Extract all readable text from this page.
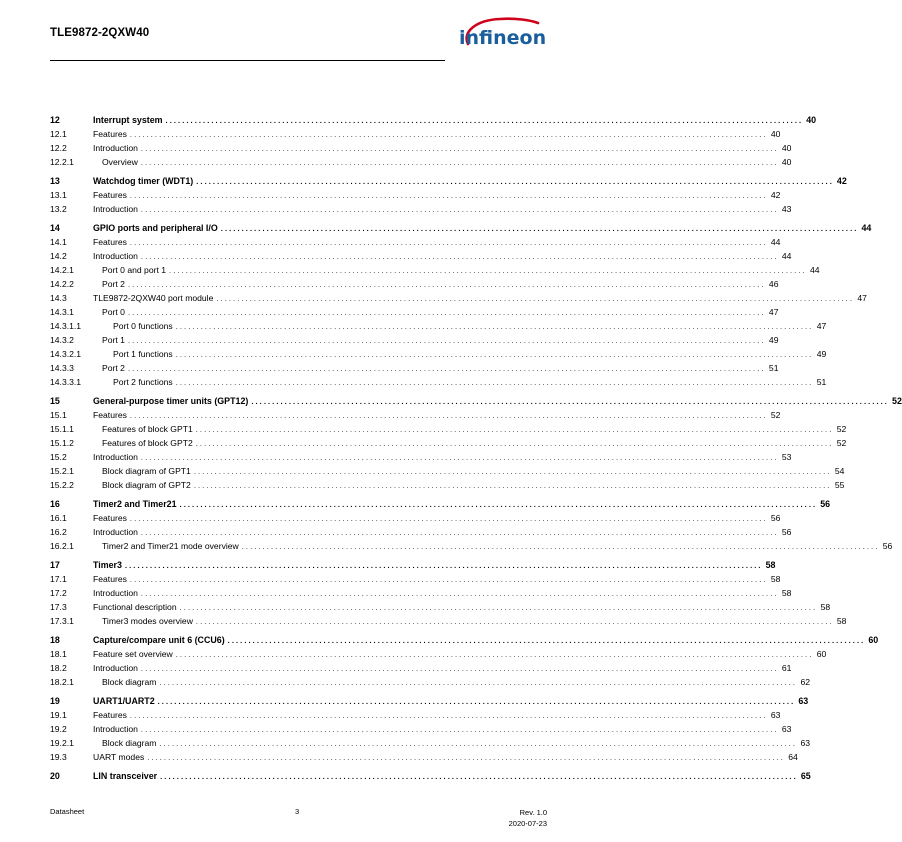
TLE9872-2QXW40	infineon
12	Interrupt system . . .	40
12.1	Features . . .	40
12.2	Introduction . . .	40
12.2.1	Overview . . .	40
13	Watchdog timer (WDT1) . . .	42
13.1	Features . . .	42
13.2	Introduction . . .	43
14	GPIO ports and peripheral I/O . . .	44
14.1	Features . . .	44
14.2	Introduction . . .	44
14.2.1	Port 0 and port 1 . . .	44
14.2.2	Port 2 . . .	46
14.3	TLE9872-2QXW40 port module . . .	47
14.3.1	Port 0 . . .	47
14.3.1.1	Port 0 functions . . .	47
14.3.2	Port 1 . . .	49
14.3.2.1	Port 1 functions . . .	49
14.3.3	Port 2 . . .	51
14.3.3.1	Port 2 functions . . .	51
15	General-purpose timer units (GPT12) . . .	52
15.1	Features . . .	52
15.1.1	Features of block GPT1 . . .	52
15.1.2	Features of block GPT2 . . .	52
15.2	Introduction . . .	53
15.2.1	Block diagram of GPT1 . . .	54
15.2.2	Block diagram of GPT2 . . .	55
16	Timer2 and Timer21 . . .	56
16.1	Features . . .	56
16.2	Introduction . . .	56
16.2.1	Timer2 and Timer21 mode overview . . .	56
17	Timer3 . . .	58
17.1	Features . . .	58
17.2	Introduction . . .	58
17.3	Functional description . . .	58
17.3.1	Timer3 modes overview . . .	58
18	Capture/compare unit 6 (CCU6) . . .	60
18.1	Feature set overview . . .	60
18.2	Introduction . . .	61
18.2.1	Block diagram . . .	62
19	UART1/UART2 . . .	63
19.1	Features . . .	63
19.2	Introduction . . .	63
19.2.1	Block diagram . . .	63
19.3	UART modes . . .	64
20	LIN transceiver . . .	65
Datasheet	3	Rev. 1.0
2020-07-23
